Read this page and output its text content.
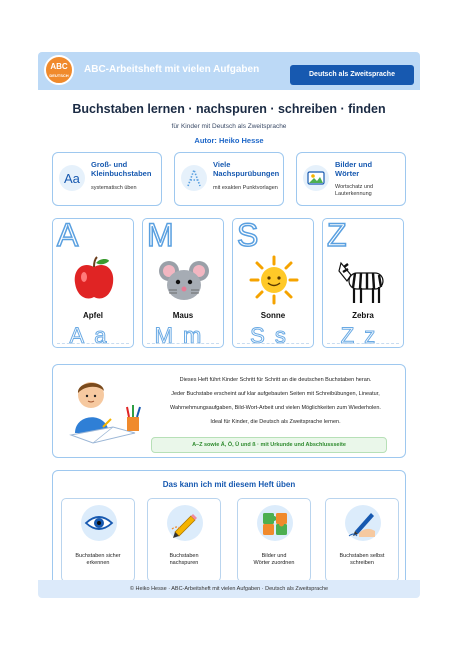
ABC
DEUTSCH
ABC-Arbeitsheft mit vielen Aufgaben	Deutsch als Zweitsprache
Buchstaben lernen · nachspuren · schreiben · finden
für Kinder mit Deutsch als Zweitsprache
Autor: Heiko Hesse
Aa
Groß- und
Kleinbuchstaben
systematisch üben
Viele
Nachspurübungen
mit exakten Punktvorlagen
Bilder und
Wörter
Wortschatz und
Lauterkennung
A
Apfel
Aa
M
Maus
Mm
S
Sonne
Ss
Z
Zebra
Zz

Dieses Heft führt Kinder Schritt für Schritt an die deutschen Buchstaben heran.

Jeder Buchstabe erscheint auf klar aufgebauten Seiten mit Schreibübungen, Lineatur,

Wahrnehmungsaufgaben, Bild-Wort-Arbeit und vielen Möglichkeiten zum Wiederholen.

Ideal für Kinder, die Deutsch als Zweitsprache lernen.

A–Z sowie Ä, Ö, Ü und ß · mit Urkunde und Abschlussseite
Das kann ich mit diesem Heft üben
Buchstaben sicher
erkennen
Buchstaben
nachspuren
Bilder und
Wörter zuordnen
Buchstaben selbst
schreiben
© Heiko Hesse · ABC-Arbeitsheft mit vielen Aufgaben · Deutsch als Zweitsprache
